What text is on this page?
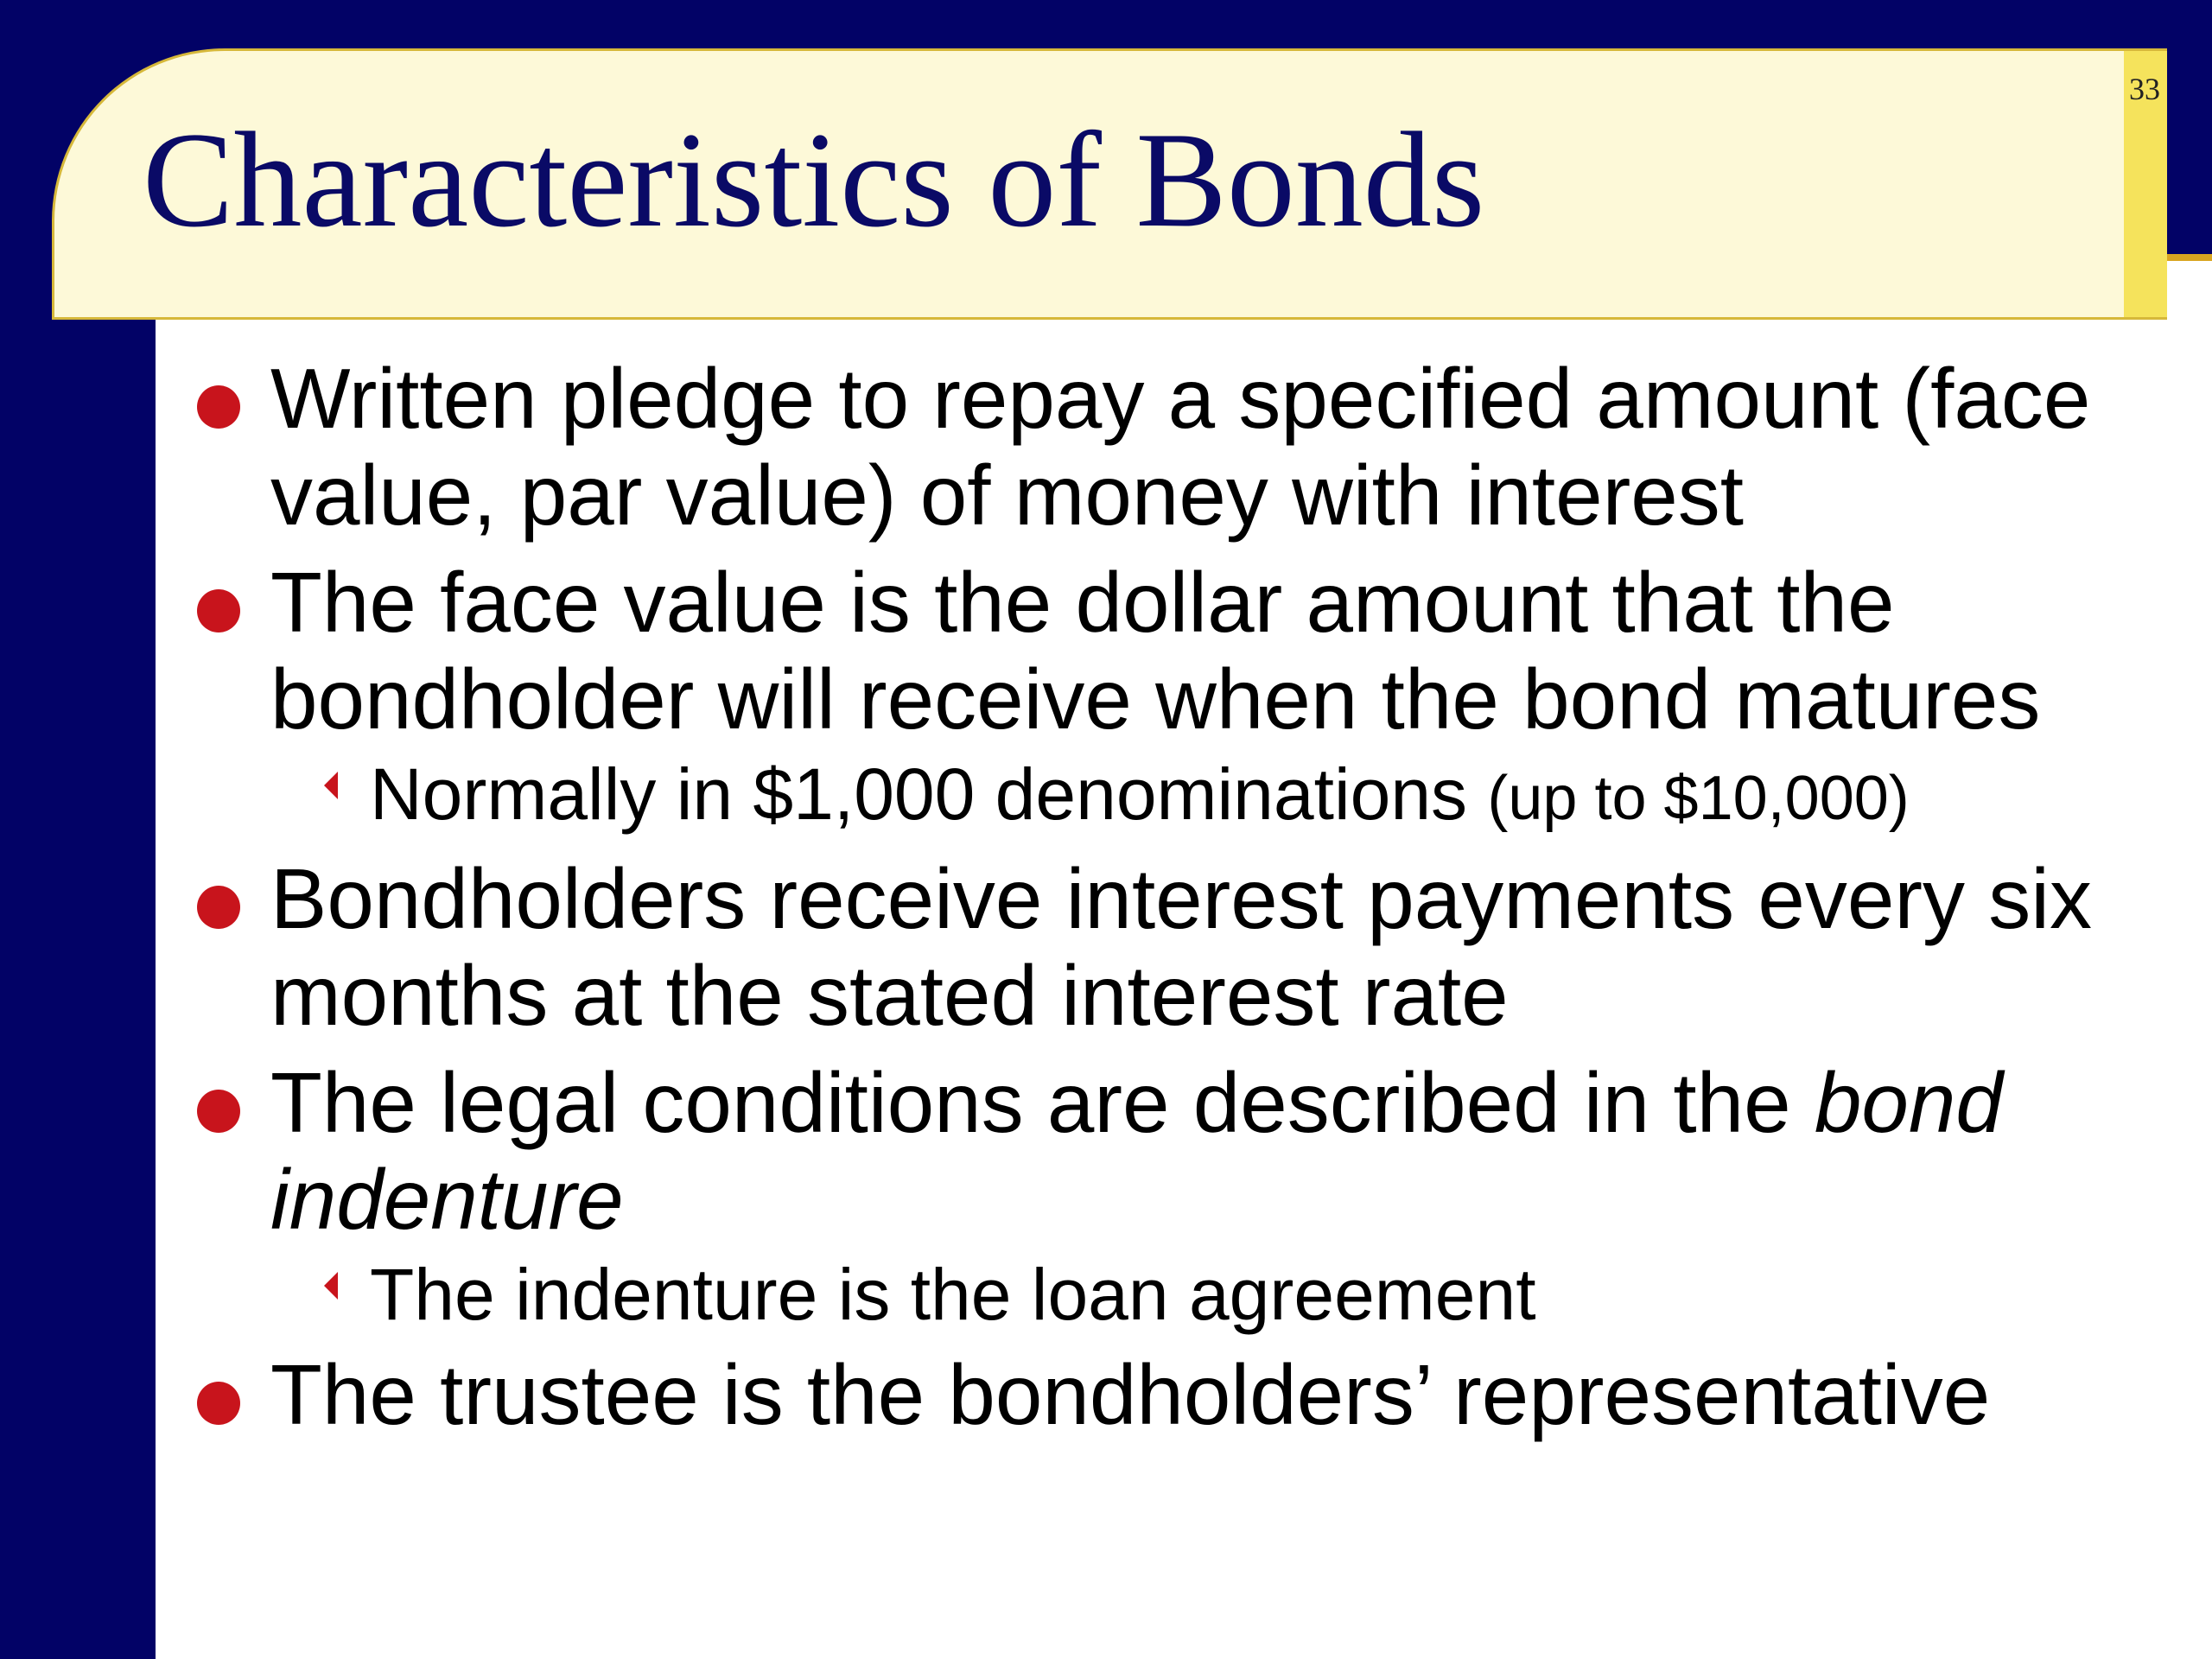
Characteristics of Bonds
33
Written pledge to repay a specified amount (face value, par value) of money with interest
The face value is the dollar amount that the bondholder will receive when the bond matures
Normally in $1,000 denominations (up to $10,000)
Bondholders receive interest payments every six months at the stated interest rate
The legal conditions are described in the bond indenture
The indenture is the loan agreement
The trustee is the bondholders’ representative
